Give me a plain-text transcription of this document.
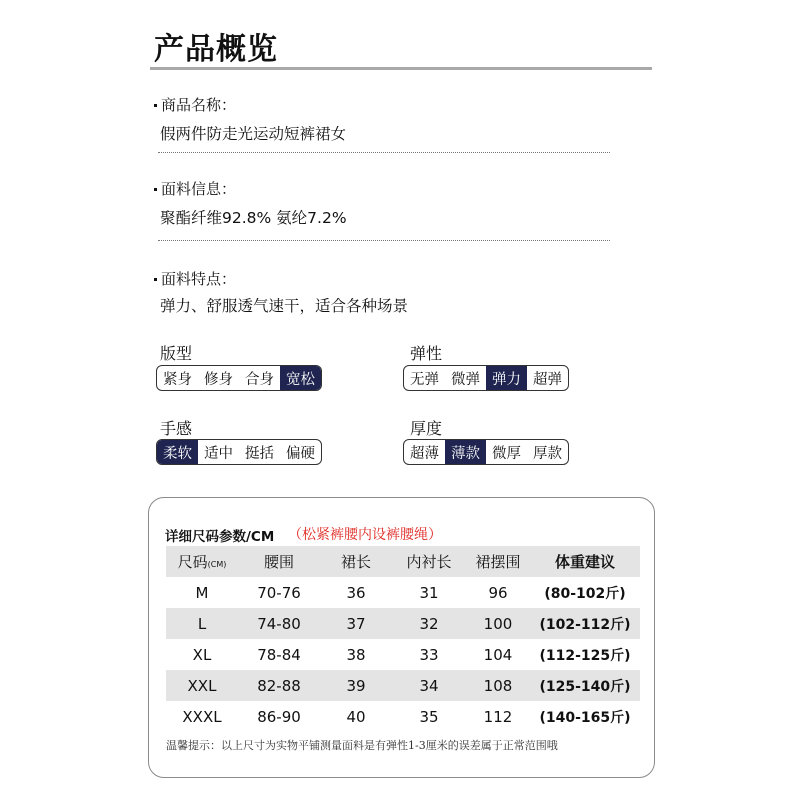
产品概览
商品名称：
假两件防走光运动短裤裙女
面料信息：
聚酯纤维92.8% 氨纶7.2%
面料特点：
弹力、舒服透气速干，适合各种场景
版型
紧身 修身 合身 宽松
弹性
无弹 微弹 弹力 超弹
手感
柔软 适中 挺括 偏硬
厚度
超薄 薄款 微厚 厚款
详细尺码参数/CM （松紧裤腰内设裤腰绳）
尺码(CM)	腰围	裙长	内衬长	裙摆围	体重建议
M	70-76	36	31	96	(80-102斤)
L	74-80	37	32	100	(102-112斤)
XL	78-84	38	33	104	(112-125斤)
XXL	82-88	39	34	108	(125-140斤)
XXXL	86-90	40	35	112	(140-165斤)
温馨提示：以上尺寸为实物平铺测量面料是有弹性1-3厘米的误差属于正常范围哦
